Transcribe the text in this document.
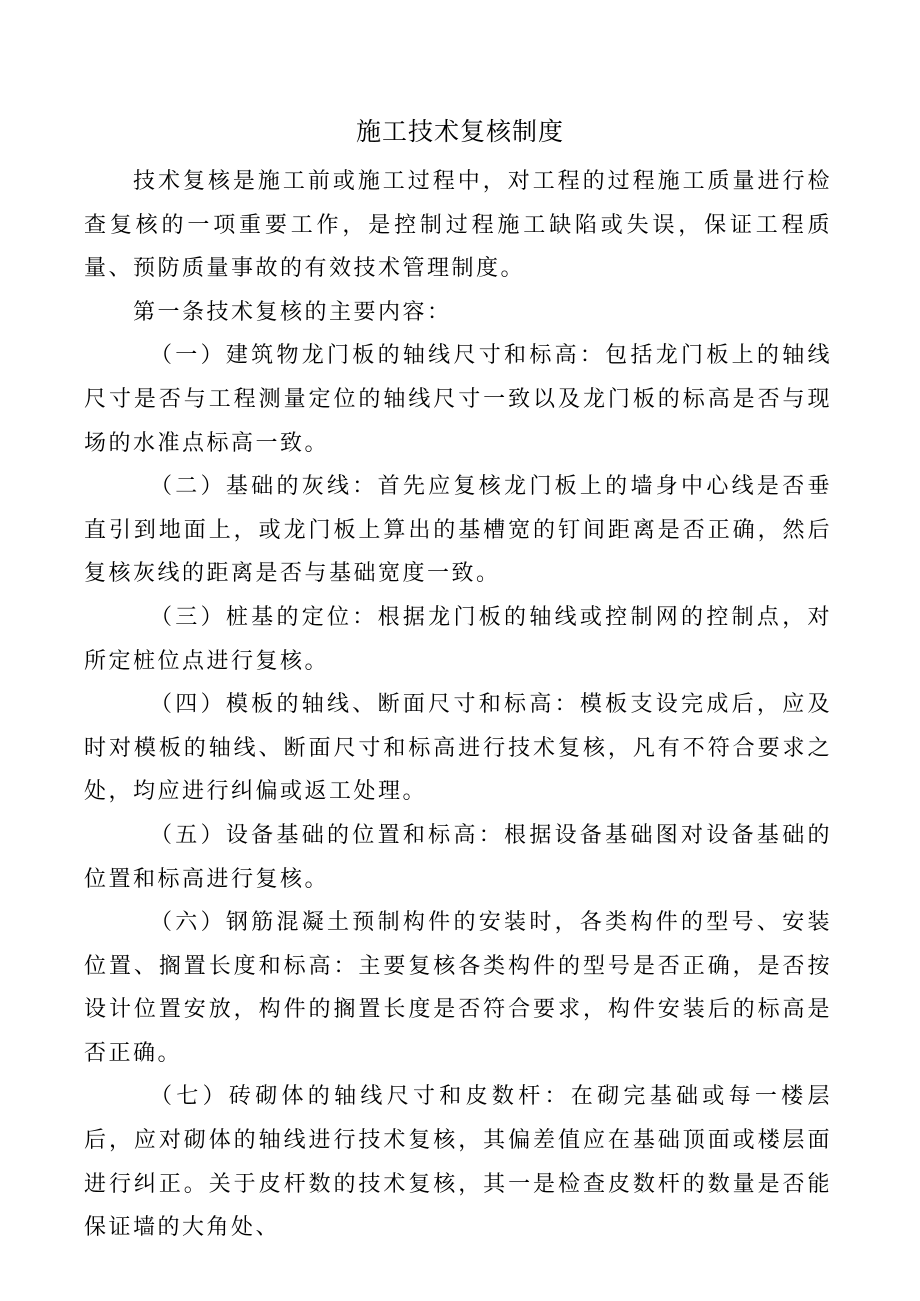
施工技术复核制度

技术复核是施工前或施工过程中，对工程的过程施工质量进行检查复核的一项重要工作，是控制过程施工缺陷或失误，保证工程质量、预防质量事故的有效技术管理制度。

第一条技术复核的主要内容：

（一）建筑物龙门板的轴线尺寸和标高：包括龙门板上的轴线尺寸是否与工程测量定位的轴线尺寸一致以及龙门板的标高是否与现场的水准点标高一致。

（二）基础的灰线：首先应复核龙门板上的墙身中心线是否垂直引到地面上，或龙门板上算出的基槽宽的钉间距离是否正确，然后复核灰线的距离是否与基础宽度一致。

（三）桩基的定位：根据龙门板的轴线或控制网的控制点，对所定桩位点进行复核。

（四）模板的轴线、断面尺寸和标高：模板支设完成后，应及时对模板的轴线、断面尺寸和标高进行技术复核，凡有不符合要求之处，均应进行纠偏或返工处理。

（五）设备基础的位置和标高：根据设备基础图对设备基础的位置和标高进行复核。

（六）钢筋混凝土预制构件的安装时，各类构件的型号、安装位置、搁置长度和标高：主要复核各类构件的型号是否正确，是否按设计位置安放，构件的搁置长度是否符合要求，构件安装后的标高是否正确。

（七）砖砌体的轴线尺寸和皮数杆：在砌完基础或每一楼层后，应对砌体的轴线进行技术复核，其偏差值应在基础顶面或楼层面进行纠正。关于皮杆数的技术复核，其一是检查皮数杆的数量是否能保证墙的大角处、
